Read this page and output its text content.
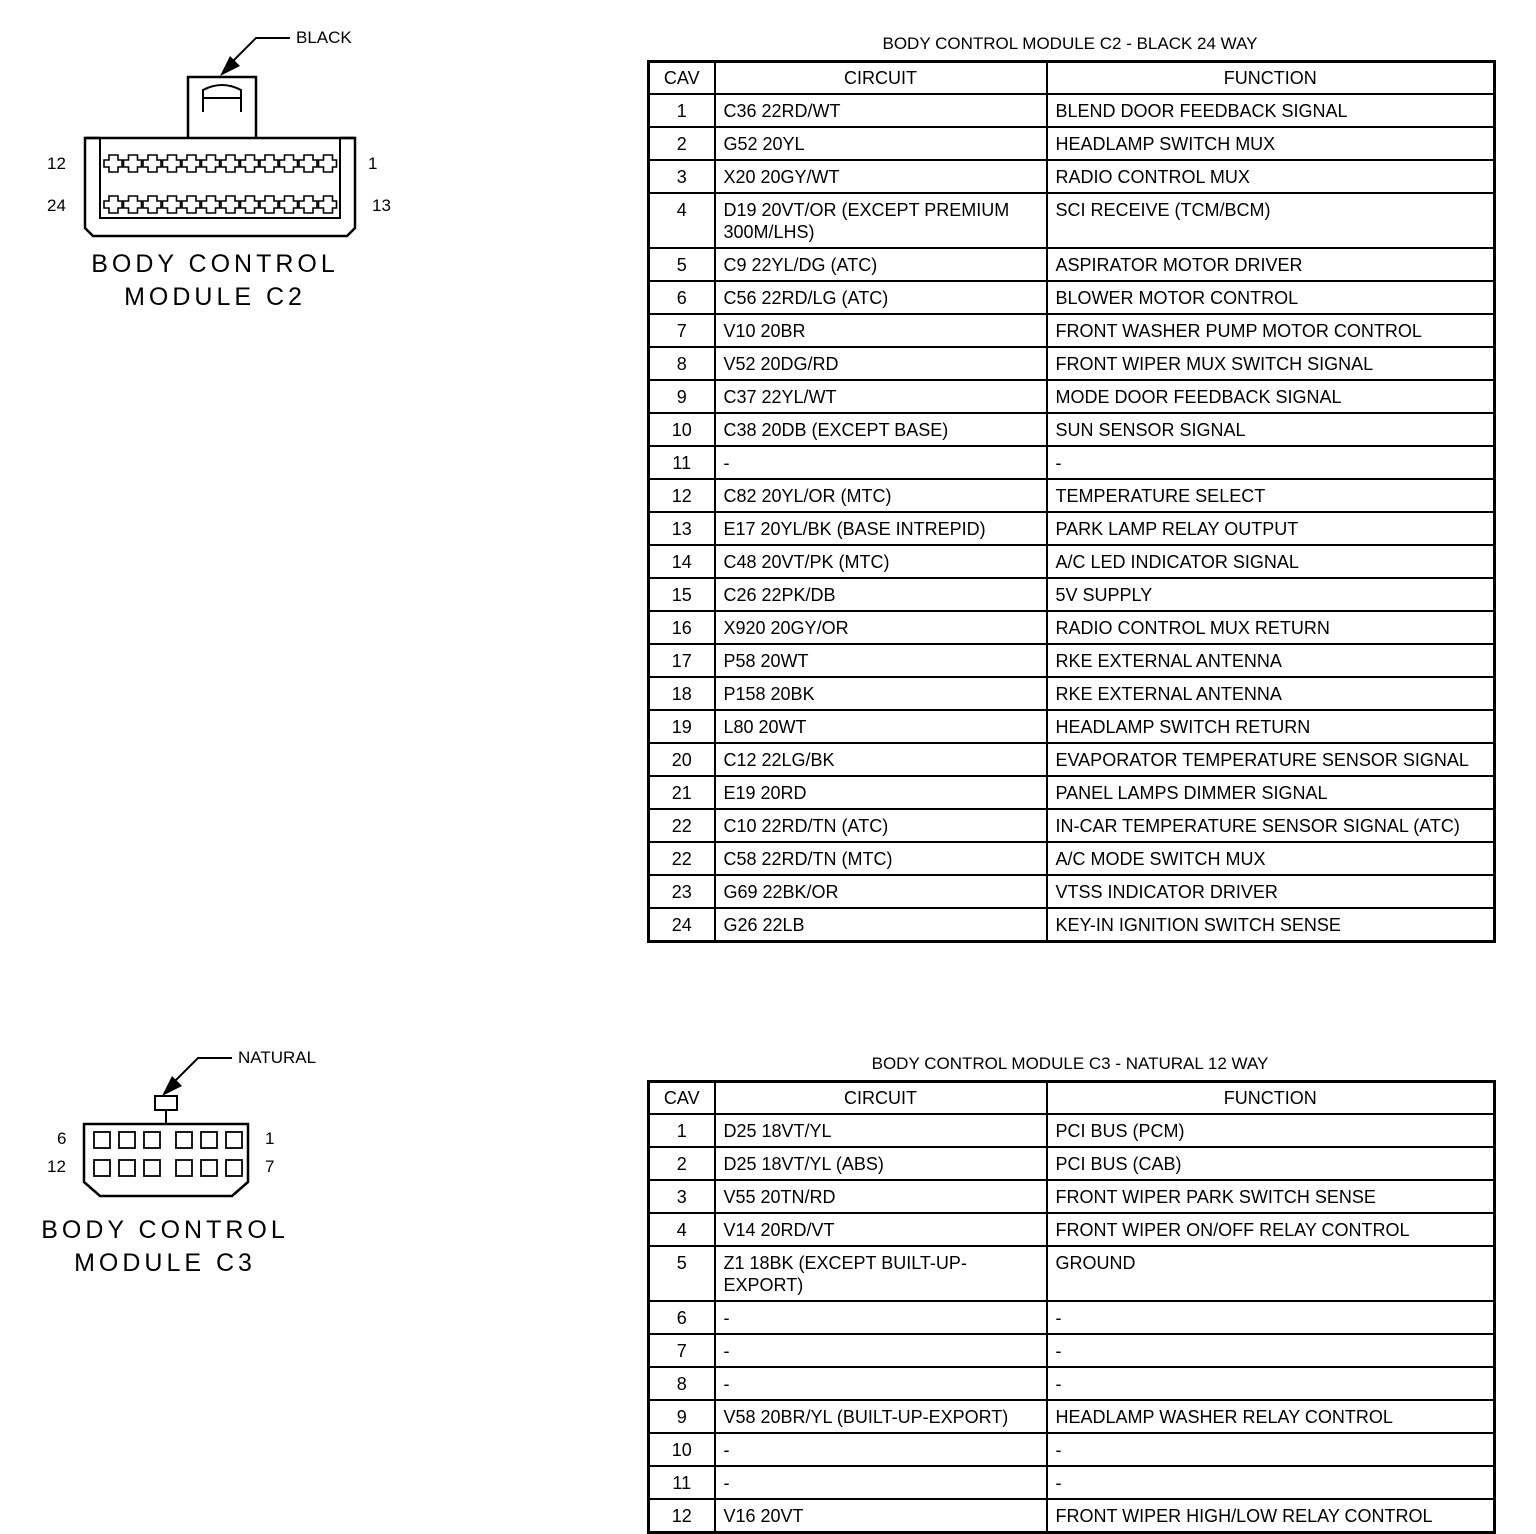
BLACK
12	1
24	13
BODY CONTROL
MODULE C2
NATURAL
6	1
12	7
BODY CONTROL
MODULE C3
BODY CONTROL MODULE C2 - BLACK 24 WAY
CAV	CIRCUIT	FUNCTION
1	C36 22RD/WT	BLEND DOOR FEEDBACK SIGNAL
2	G52 20YL	HEADLAMP SWITCH MUX
3	X20 20GY/WT	RADIO CONTROL MUX
4	D19 20VT/OR (EXCEPT PREMIUM 300M/LHS)	SCI RECEIVE (TCM/BCM)
5	C9 22YL/DG (ATC)	ASPIRATOR MOTOR DRIVER
6	C56 22RD/LG (ATC)	BLOWER MOTOR CONTROL
7	V10 20BR	FRONT WASHER PUMP MOTOR CONTROL
8	V52 20DG/RD	FRONT WIPER MUX SWITCH SIGNAL
9	C37 22YL/WT	MODE DOOR FEEDBACK SIGNAL
10	C38 20DB (EXCEPT BASE)	SUN SENSOR SIGNAL
11	-	-
12	C82 20YL/OR (MTC)	TEMPERATURE SELECT
13	E17 20YL/BK (BASE INTREPID)	PARK LAMP RELAY OUTPUT
14	C48 20VT/PK (MTC)	A/C LED INDICATOR SIGNAL
15	C26 22PK/DB	5V SUPPLY
16	X920 20GY/OR	RADIO CONTROL MUX RETURN
17	P58 20WT	RKE EXTERNAL ANTENNA
18	P158 20BK	RKE EXTERNAL ANTENNA
19	L80 20WT	HEADLAMP SWITCH RETURN
20	C12 22LG/BK	EVAPORATOR TEMPERATURE SENSOR SIGNAL
21	E19 20RD	PANEL LAMPS DIMMER SIGNAL
22	C10 22RD/TN (ATC)	IN-CAR TEMPERATURE SENSOR SIGNAL (ATC)
22	C58 22RD/TN (MTC)	A/C MODE SWITCH MUX
23	G69 22BK/OR	VTSS INDICATOR DRIVER
24	G26 22LB	KEY-IN IGNITION SWITCH SENSE
BODY CONTROL MODULE C3 - NATURAL 12 WAY
CAV	CIRCUIT	FUNCTION
1	D25 18VT/YL	PCI BUS (PCM)
2	D25 18VT/YL (ABS)	PCI BUS (CAB)
3	V55 20TN/RD	FRONT WIPER PARK SWITCH SENSE
4	V14 20RD/VT	FRONT WIPER ON/OFF RELAY CONTROL
5	Z1 18BK (EXCEPT BUILT-UP-EXPORT)	GROUND
6	-	-
7	-	-
8	-	-
9	V58 20BR/YL (BUILT-UP-EXPORT)	HEADLAMP WASHER RELAY CONTROL
10	-	-
11	-	-
12	V16 20VT	FRONT WIPER HIGH/LOW RELAY CONTROL
